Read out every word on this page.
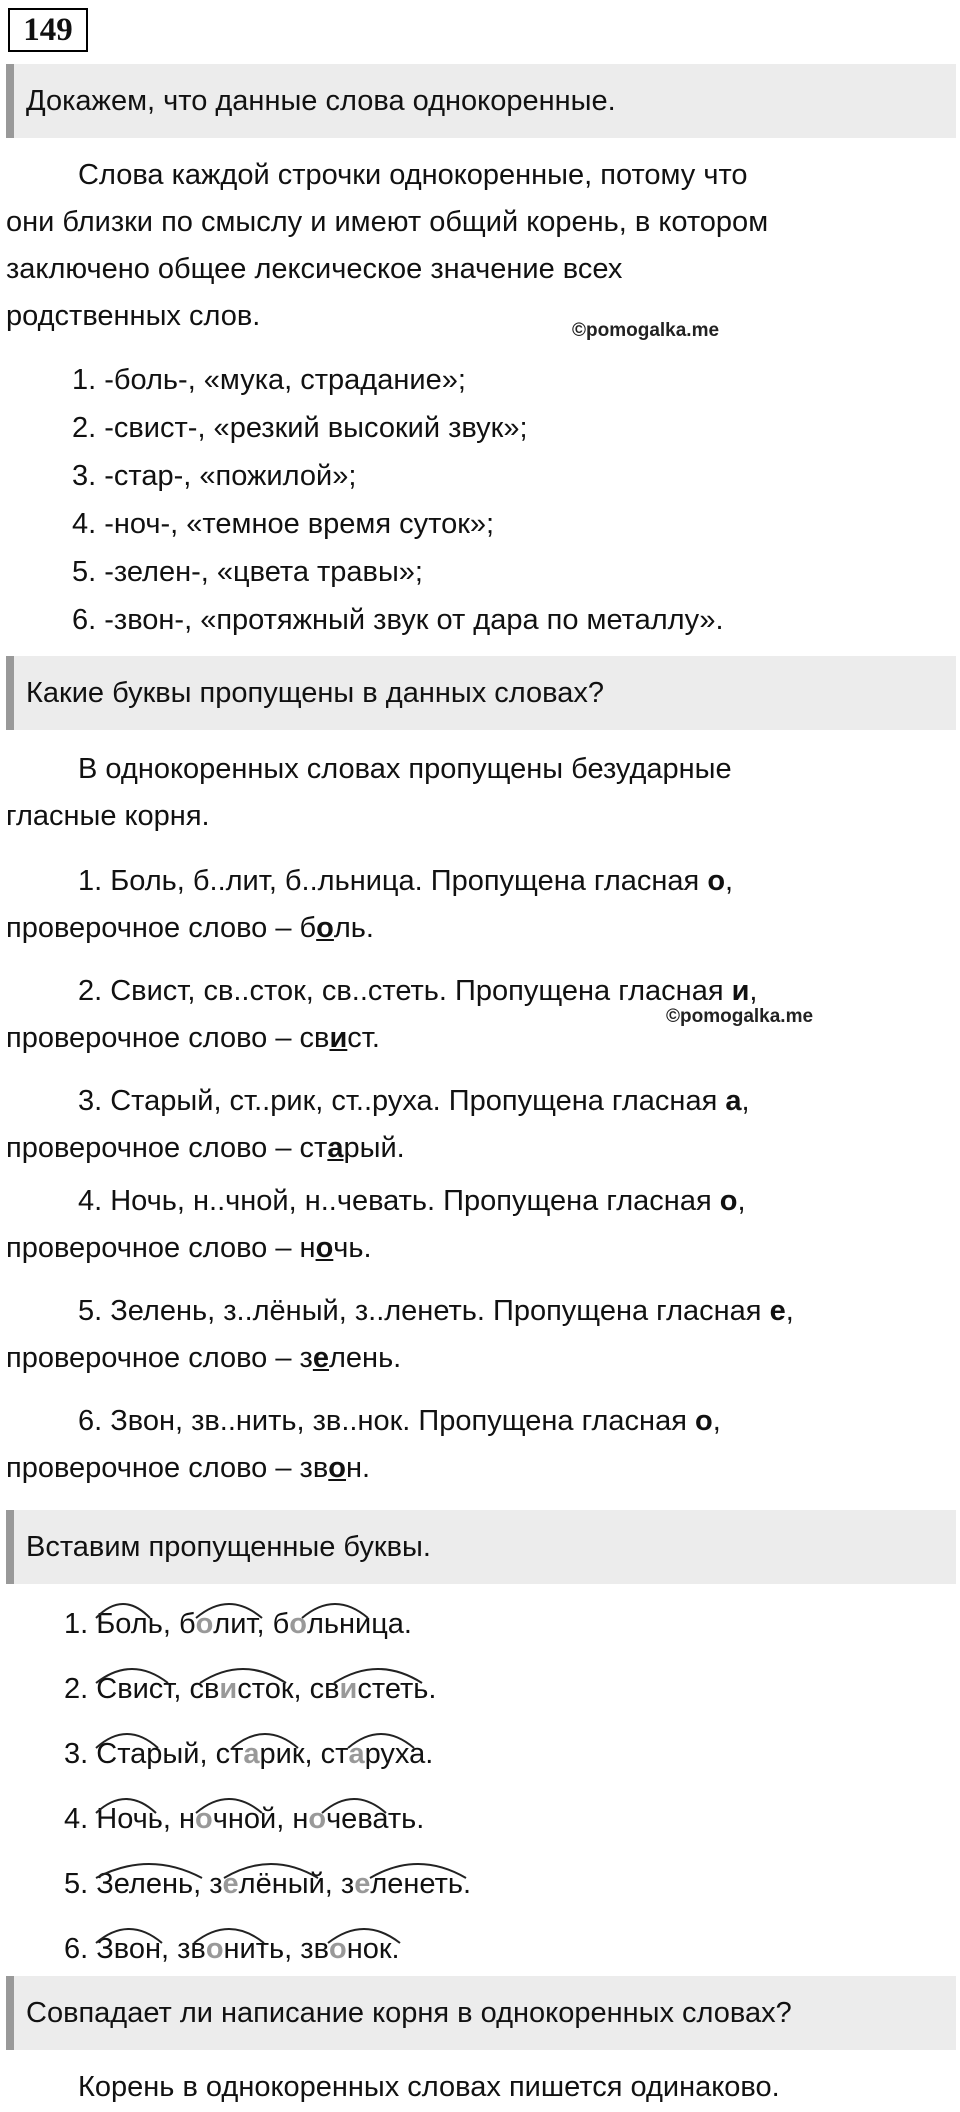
149
Докажем, что данные слова однокоренные.
Слова каждой строчки однокоренные, потому что
они близки по смыслу и имеют общий корень, в котором
заключено общее лексическое значение всех
родственных слов.	©pomogalka.me
1. -боль-, «мука, страдание»;
2. -свист-, «резкий высокий звук»;
3. -стар-, «пожилой»;
4. -ноч-, «темное время суток»;
5. -зелен-, «цвета травы»;
6. -звон-, «протяжный звук от дара по металлу».
Какие буквы пропущены в данных словах?
В однокоренных словах пропущены безударные
гласные корня.
1. Боль, б..лит, б..льница. Пропущена гласная о,
проверочное слово – боль.
2. Свист, св..сток, св..стеть. Пропущена гласная и,
проверочное слово – свист.
©pomogalka.me
3. Старый, ст..рик, ст..руха. Пропущена гласная а,
проверочное слово – старый.
4. Ночь, н..чной, н..чевать. Пропущена гласная о,
проверочное слово – ночь.
5. Зелень, з..лёный, з..ленеть. Пропущена гласная е,
проверочное слово – зелень.
6. Звон, зв..нить, зв..нок. Пропущена гласная о,
проверочное слово – звон.
Вставим пропущенные буквы.
1. Боль, болит, больница.
2. Свист, свисток, свистеть.
3. Старый, старик, старуха.
4. Ночь, ночной, ночевать.
5. Зелень, зелёный, зеленеть.
6. Звон, звонить, звонок.
Совпадает ли написание корня в однокоренных словах?
Корень в однокоренных словах пишется одинаково.
